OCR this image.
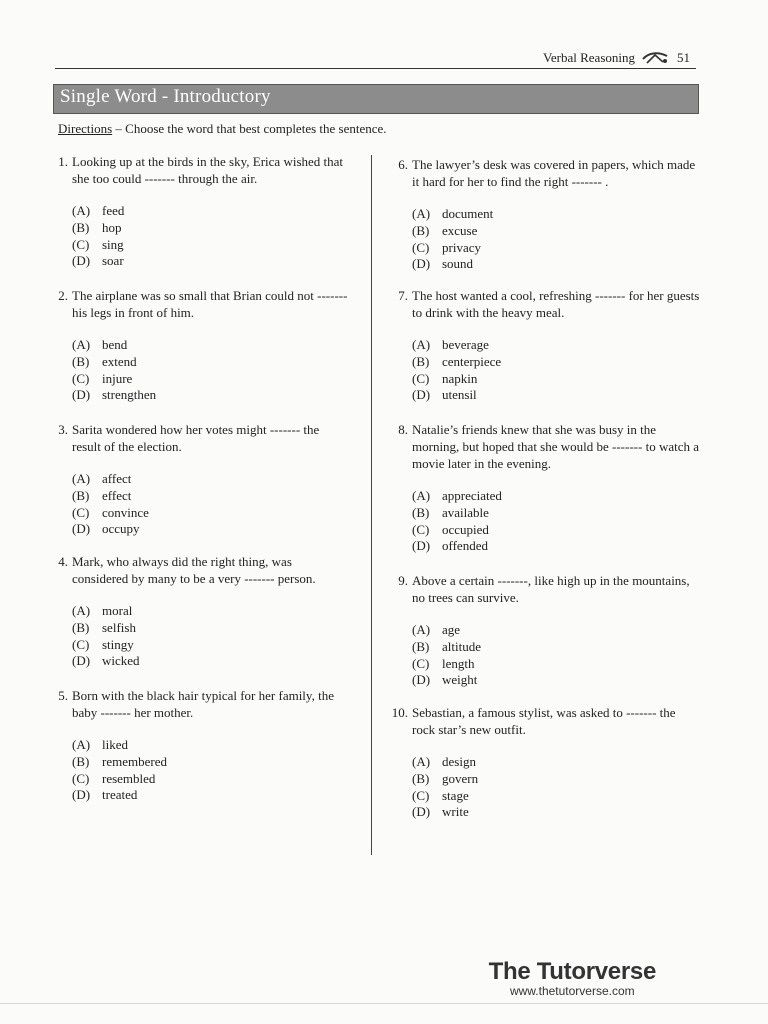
Verbal Reasoning	51
Single Word - Introductory
Directions – Choose the word that best completes the sentence.
1. Looking up at the birds in the sky, Erica wished that she too could ------- through the air.
(A) feed
(B) hop
(C) sing
(D) soar
2. The airplane was so small that Brian could not ------- his legs in front of him.
(A) bend
(B) extend
(C) injure
(D) strengthen
3. Sarita wondered how her votes might ------- the result of the election.
(A) affect
(B) effect
(C) convince
(D) occupy
4. Mark, who always did the right thing, was considered by many to be a very ------- person.
(A) moral
(B) selfish
(C) stingy
(D) wicked
5. Born with the black hair typical for her family, the baby ------- her mother.
(A) liked
(B) remembered
(C) resembled
(D) treated
6. The lawyer’s desk was covered in papers, which made it hard for her to find the right ------- .
(A) document
(B) excuse
(C) privacy
(D) sound
7. The host wanted a cool, refreshing ------- for her guests to drink with the heavy meal.
(A) beverage
(B) centerpiece
(C) napkin
(D) utensil
8. Natalie’s friends knew that she was busy in the morning, but hoped that she would be ------- to watch a movie later in the evening.
(A) appreciated
(B) available
(C) occupied
(D) offended
9. Above a certain -------, like high up in the mountains, no trees can survive.
(A) age
(B) altitude
(C) length
(D) weight
10. Sebastian, a famous stylist, was asked to ------- the rock star’s new outfit.
(A) design
(B) govern
(C) stage
(D) write
The Tutorverse
www.thetutorverse.com
